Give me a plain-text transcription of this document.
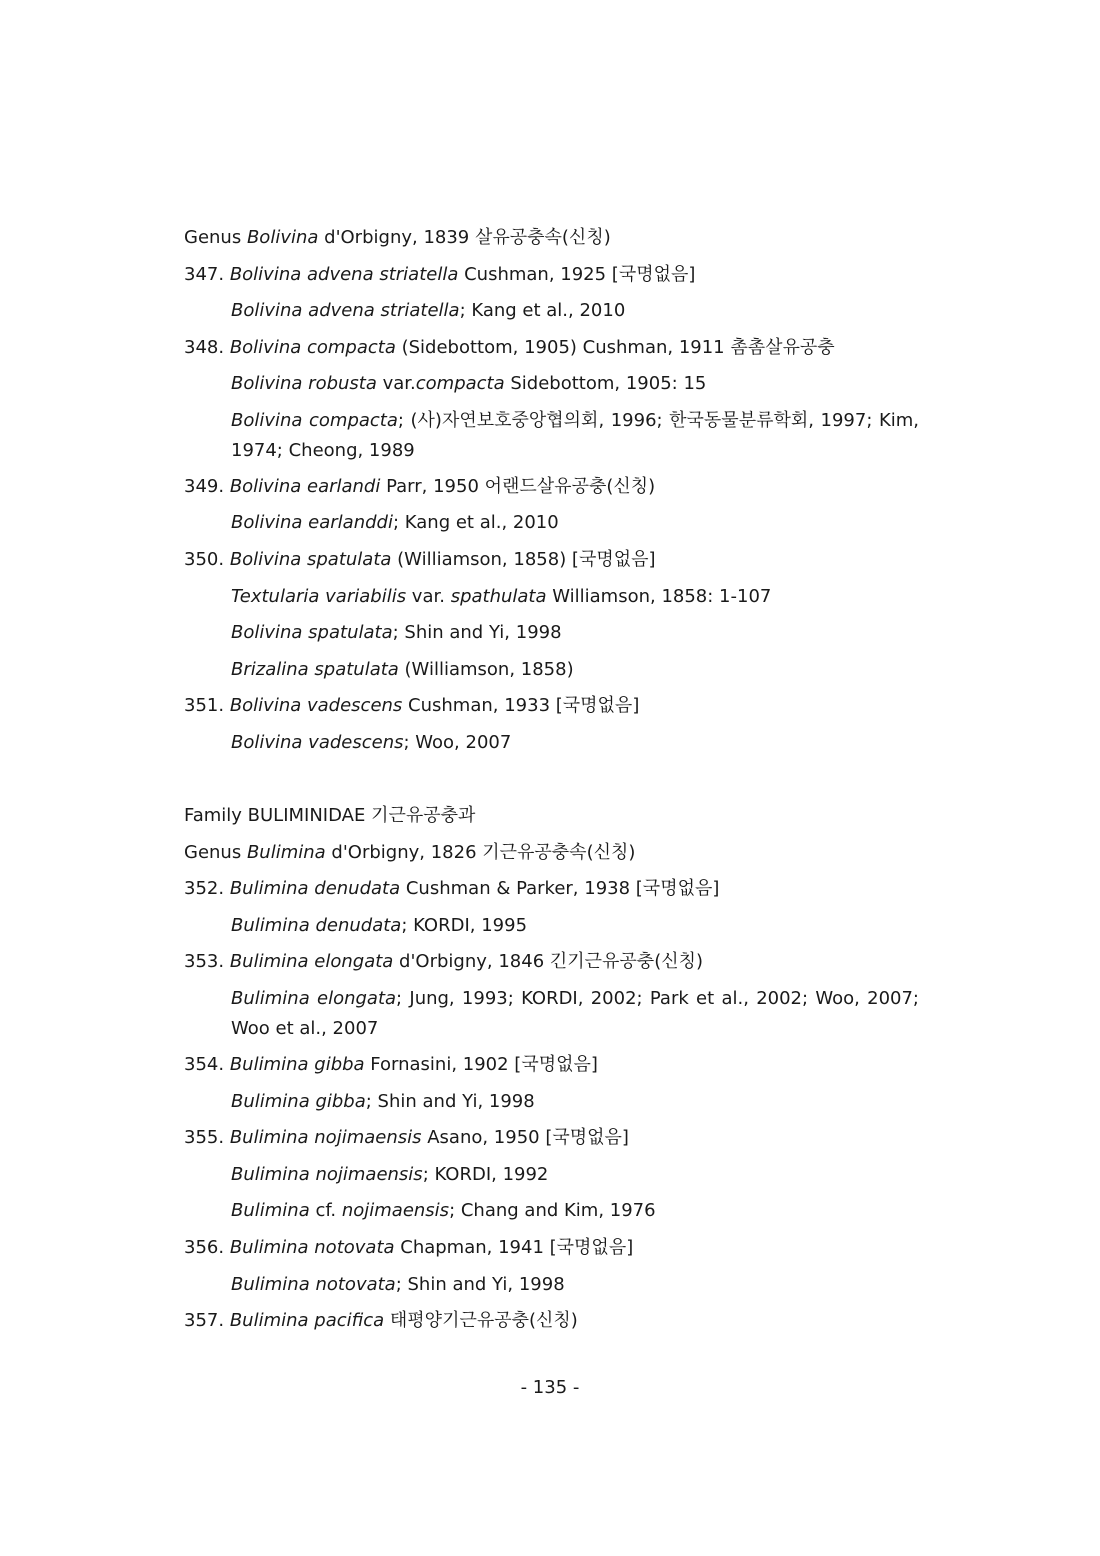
Genus Bolivina d'Orbigny, 1839 살유공충속(신칭)
347. Bolivina advena striatella Cushman, 1925 [국명없음]
Bolivina advena striatella; Kang et al., 2010
348. Bolivina compacta (Sidebottom, 1905) Cushman, 1911 촘촘살유공충
Bolivina robusta var.compacta Sidebottom, 1905: 15
Bolivina compacta; (사)자연보호중앙협의회, 1996; 한국동물분류학회, 1997; Kim, 1974; Cheong, 1989
349. Bolivina earlandi Parr, 1950 어랜드살유공충(신칭)
Bolivina earlanddi; Kang et al., 2010
350. Bolivina spatulata (Williamson, 1858) [국명없음]
Textularia variabilis var. spathulata Williamson, 1858: 1-107
Bolivina spatulata; Shin and Yi, 1998
Brizalina spatulata (Williamson, 1858)
351. Bolivina vadescens Cushman, 1933 [국명없음]
Bolivina vadescens; Woo, 2007
Family BULIMINIDAE 기근유공충과
Genus Bulimina d'Orbigny, 1826 기근유공충속(신칭)
352. Bulimina denudata Cushman & Parker, 1938 [국명없음]
Bulimina denudata; KORDI, 1995
353. Bulimina elongata d'Orbigny, 1846 긴기근유공충(신칭)
Bulimina elongata; Jung, 1993; KORDI, 2002; Park et al., 2002; Woo, 2007; Woo et al., 2007
354. Bulimina gibba Fornasini, 1902 [국명없음]
Bulimina gibba; Shin and Yi, 1998
355. Bulimina nojimaensis Asano, 1950 [국명없음]
Bulimina nojimaensis; KORDI, 1992
Bulimina cf. nojimaensis; Chang and Kim, 1976
356. Bulimina notovata Chapman, 1941 [국명없음]
Bulimina notovata; Shin and Yi, 1998
357. Bulimina pacifica 태평양기근유공충(신칭)
- 135 -
